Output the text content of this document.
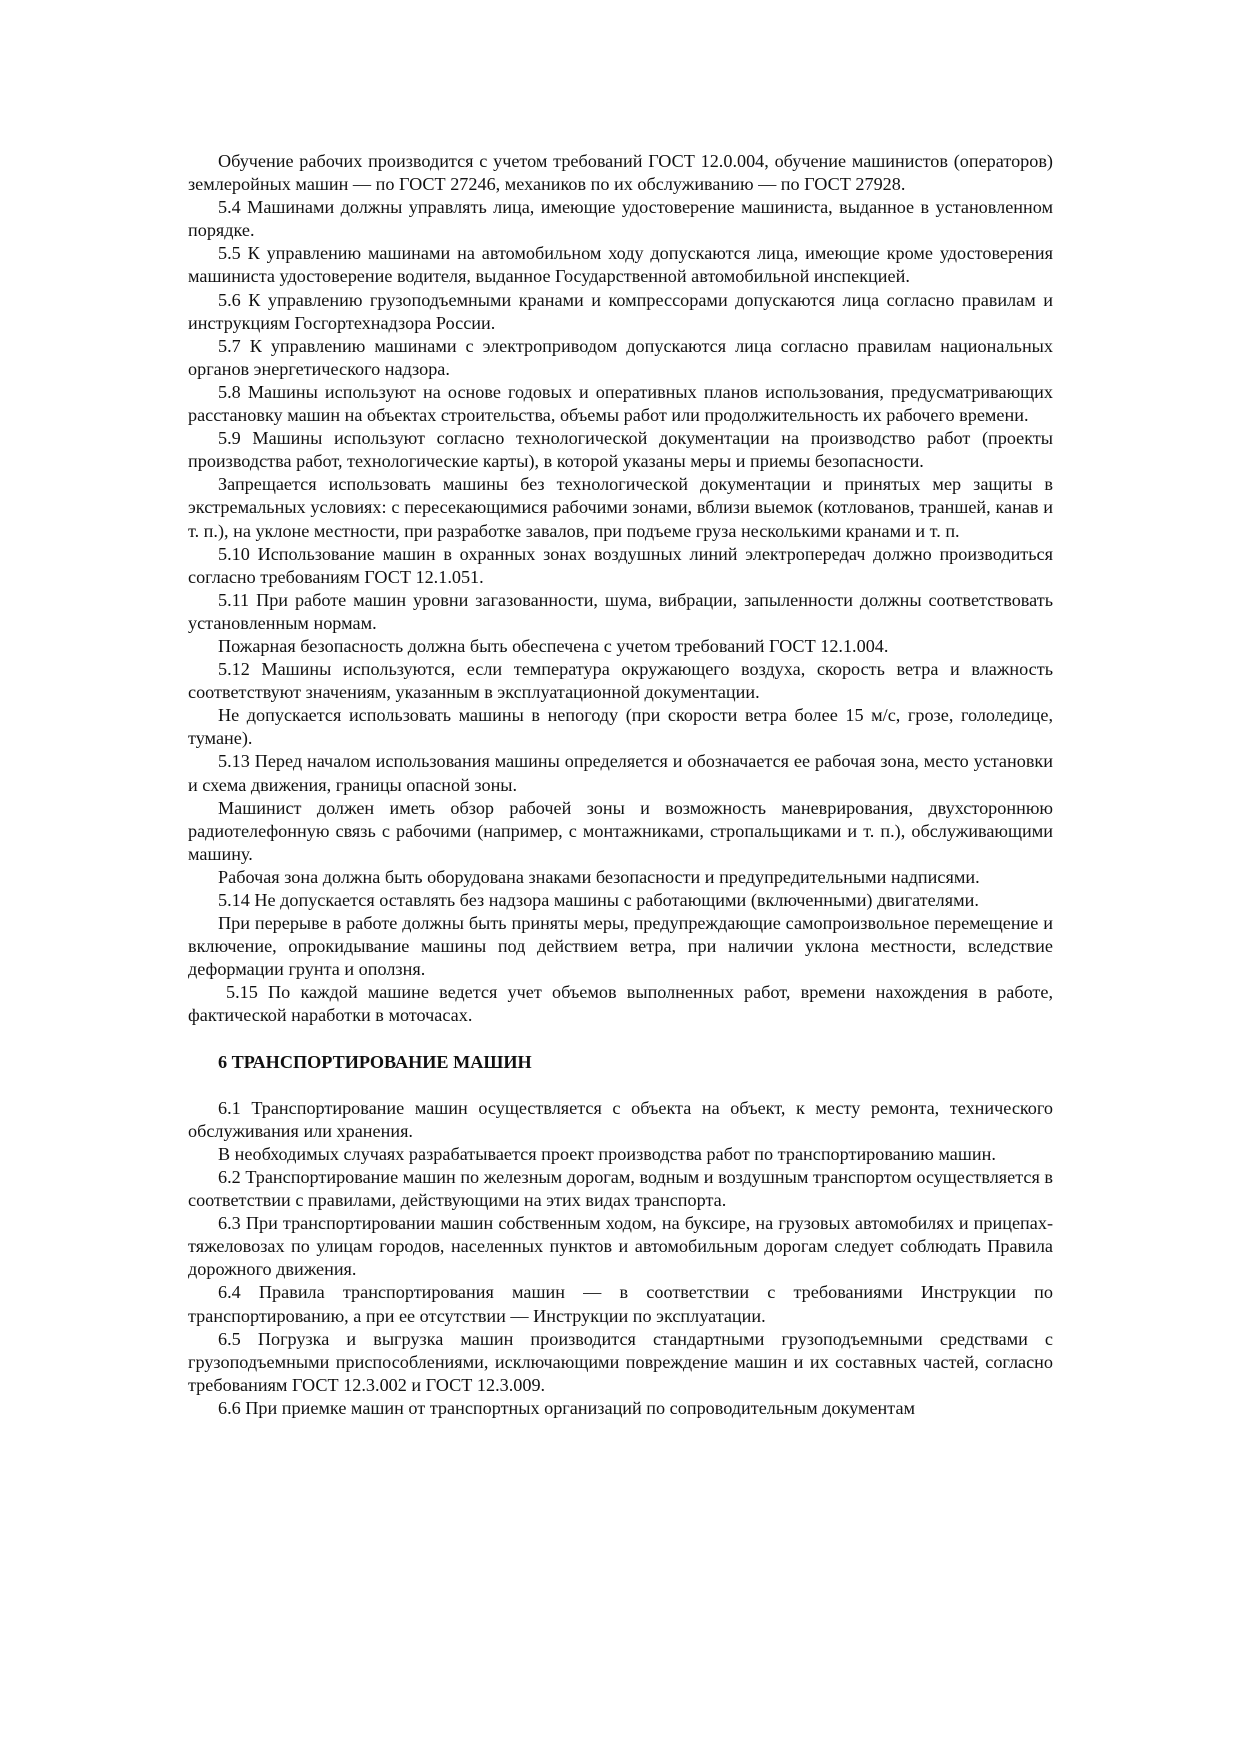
Обучение рабочих производится с учетом требований ГОСТ 12.0.004, обучение машинистов (операторов) землеройных машин — по ГОСТ 27246, механиков по их обслуживанию — по ГОСТ 27928.

5.4 Машинами должны управлять лица, имеющие удостоверение машиниста, выданное в установленном порядке.

5.5 К управлению машинами на автомобильном ходу допускаются лица, имеющие кроме удостоверения машиниста удостоверение водителя, выданное Государственной автомобильной инспекцией.

5.6 К управлению грузоподъемными кранами и компрессорами допускаются лица согласно правилам и инструкциям Госгортехнадзора России.

5.7 К управлению машинами с электроприводом допускаются лица согласно правилам национальных органов энергетического надзора.

5.8 Машины используют на основе годовых и оперативных планов использования, предусматривающих расстановку машин на объектах строительства, объемы работ или продолжительность их рабочего времени.

5.9 Машины используют согласно технологической документации на производство работ (проекты производства работ, технологические карты), в которой указаны меры и приемы безопасности.

Запрещается использовать машины без технологической документации и принятых мер защиты в экстремальных условиях: с пересекающимися рабочими зонами, вблизи выемок (котлованов, траншей, канав и т. п.), на уклоне местности, при разработке завалов, при подъеме груза несколькими кранами и т. п.

5.10 Использование машин в охранных зонах воздушных линий электропередач должно производиться согласно требованиям ГОСТ 12.1.051.

5.11 При работе машин уровни загазованности, шума, вибрации, запыленности должны соответствовать установленным нормам.

Пожарная безопасность должна быть обеспечена с учетом требований ГОСТ 12.1.004.

5.12 Машины используются, если температура окружающего воздуха, скорость ветра и влажность соответствуют значениям, указанным в эксплуатационной документации.

Не допускается использовать машины в непогоду (при скорости ветра более 15 м/с, грозе, гололедице, тумане).

5.13 Перед началом использования машины определяется и обозначается ее рабочая зона, место установки и схема движения, границы опасной зоны.

Машинист должен иметь обзор рабочей зоны и возможность маневрирования, двухстороннюю радиотелефонную связь с рабочими (например, с монтажниками, стропальщиками и т. п.), обслуживающими машину.

Рабочая зона должна быть оборудована знаками безопасности и предупредительными надписями.

5.14 Не допускается оставлять без надзора машины с работающими (включенными) двигателями.

При перерыве в работе должны быть приняты меры, предупреждающие самопроизвольное перемещение и включение, опрокидывание машины под действием ветра, при наличии уклона местности, вследствие деформации грунта и оползня.

5.15 По каждой машине ведется учет объемов выполненных работ, времени нахождения в работе, фактической наработки в моточасах.

6 ТРАНСПОРТИРОВАНИЕ МАШИН

6.1 Транспортирование машин осуществляется с объекта на объект, к месту ремонта, технического обслуживания или хранения.

В необходимых случаях разрабатывается проект производства работ по транспортированию машин.

6.2 Транспортирование машин по железным дорогам, водным и воздушным транспортом осуществляется в соответствии с правилами, действующими на этих видах транспорта.

6.3 При транспортировании машин собственным ходом, на буксире, на грузовых автомобилях и прицепах-тяжеловозах по улицам городов, населенных пунктов и автомобильным дорогам следует соблюдать Правила дорожного движения.

6.4 Правила транспортирования машин — в соответствии с требованиями Инструкции по транспортированию, а при ее отсутствии — Инструкции по эксплуатации.

6.5 Погрузка и выгрузка машин производится стандартными грузоподъемными средствами с грузоподъемными приспособлениями, исключающими повреждение машин и их составных частей, согласно требованиям ГОСТ 12.3.002 и ГОСТ 12.3.009.

6.6 При приемке машин от транспортных организаций по сопроводительным документам
